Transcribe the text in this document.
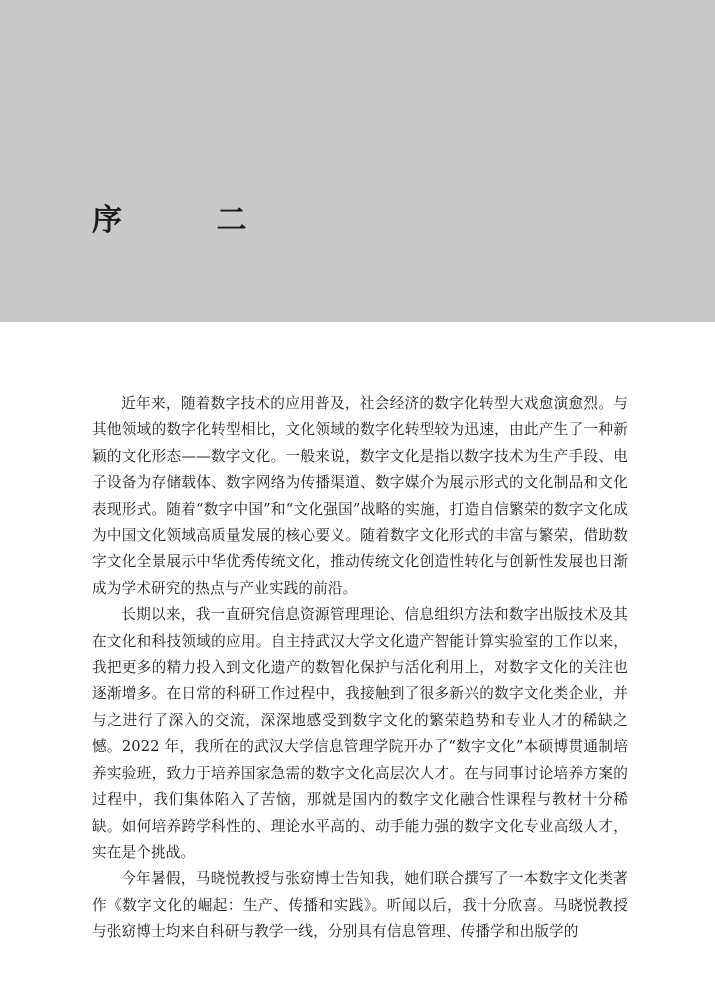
序 二

近年来，随着数字技术的应用普及，社会经济的数字化转型大戏愈演愈烈。与其他领域的数字化转型相比，文化领域的数字化转型较为迅速，由此产生了一种新颖的文化形态——数字文化。一般来说，数字文化是指以数字技术为生产手段、电子设备为存储载体、数字网络为传播渠道、数字媒介为展示形式的文化制品和文化表现形式。随着“数字中国”和“文化强国”战略的实施，打造自信繁荣的数字文化成为中国文化领域高质量发展的核心要义。随着数字文化形式的丰富与繁荣，借助数字文化全景展示中华优秀传统文化，推动传统文化创造性转化与创新性发展也日渐成为学术研究的热点与产业实践的前沿。

长期以来，我一直研究信息资源管理理论、信息组织方法和数字出版技术及其在文化和科技领域的应用。自主持武汉大学文化遗产智能计算实验室的工作以来，我把更多的精力投入到文化遗产的数智化保护与活化利用上，对数字文化的关注也逐渐增多。在日常的科研工作过程中，我接触到了很多新兴的数字文化类企业，并与之进行了深入的交流，深深地感受到数字文化的繁荣趋势和专业人才的稀缺之憾。2022 年，我所在的武汉大学信息管理学院开办了“数字文化”本硕博贯通制培养实验班，致力于培养国家急需的数字文化高层次人才。在与同事讨论培养方案的过程中，我们集体陷入了苦恼，那就是国内的数字文化融合性课程与教材十分稀缺。如何培养跨学科性的、理论水平高的、动手能力强的数字文化专业高级人才，实在是个挑战。

今年暑假，马晓悦教授与张窈博士告知我，她们联合撰写了一本数字文化类著作《数字文化的崛起：生产、传播和实践》。听闻以后，我十分欣喜。马晓悦教授与张窈博士均来自科研与教学一线，分别具有信息管理、传播学和出版学的
